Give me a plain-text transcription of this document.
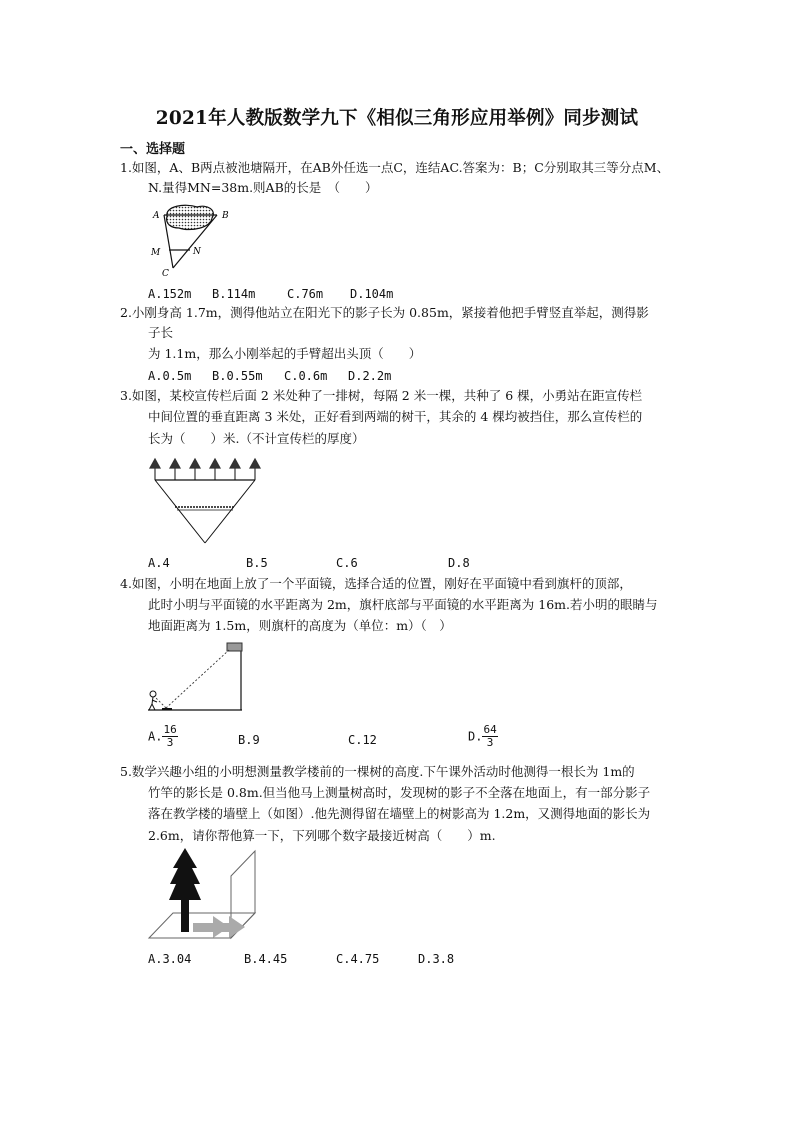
2021年人教版数学九下《相似三角形应用举例》同步测试
一、选择题
1.如图，A、B两点被池塘隔开，在AB外任选一点C，连结AC.答案为：B；C分别取其三等分点M、
N.量得MN=38m.则AB的长是　（　　）
A	B
M	N
C
A.152m B.114m	C.76m D.104m
2.小刚身高 1.7m，测得他站立在阳光下的影子长为 0.85m，紧接着他把手臂竖直举起，测得影
子长
为 1.1m，那么小刚举起的手臂超出头顶（　　）
A.0.5m B.0.55m C.0.6m D.2.2m
3.如图，某校宣传栏后面 2 米处种了一排树，每隔 2 米一棵，共种了 6 棵，小勇站在距宣传栏
中间位置的垂直距离 3 米处，正好看到两端的树干，其余的 4 棵均被挡住，那么宣传栏的
长为（　　）米.（不计宣传栏的厚度）
A.4	B.5	C.6	D.8
4.如图，小明在地面上放了一个平面镜，选择合适的位置，刚好在平面镜中看到旗杆的顶部，
此时小明与平面镜的水平距离为 2m，旗杆底部与平面镜的水平距离为 16m.若小明的眼睛与
地面距离为 1.5m，则旗杆的高度为（单位：m）（　）
A. $\frac{16}{3}$	B.9	C.12	D. $\frac{64}{3}$
5.数学兴趣小组的小明想测量教学楼前的一棵树的高度.下午课外活动时他测得一根长为 1m的
竹竿的影长是 0.8m.但当他马上测量树高时，发现树的影子不全落在地面上，有一部分影子
落在教学楼的墙壁上（如图）.他先测得留在墙壁上的树影高为 1.2m，又测得地面的影长为
2.6m，请你帮他算一下，下列哪个数字最接近树高（　　）m.
A.3.04	B.4.45	C.4.75	D.3.8
